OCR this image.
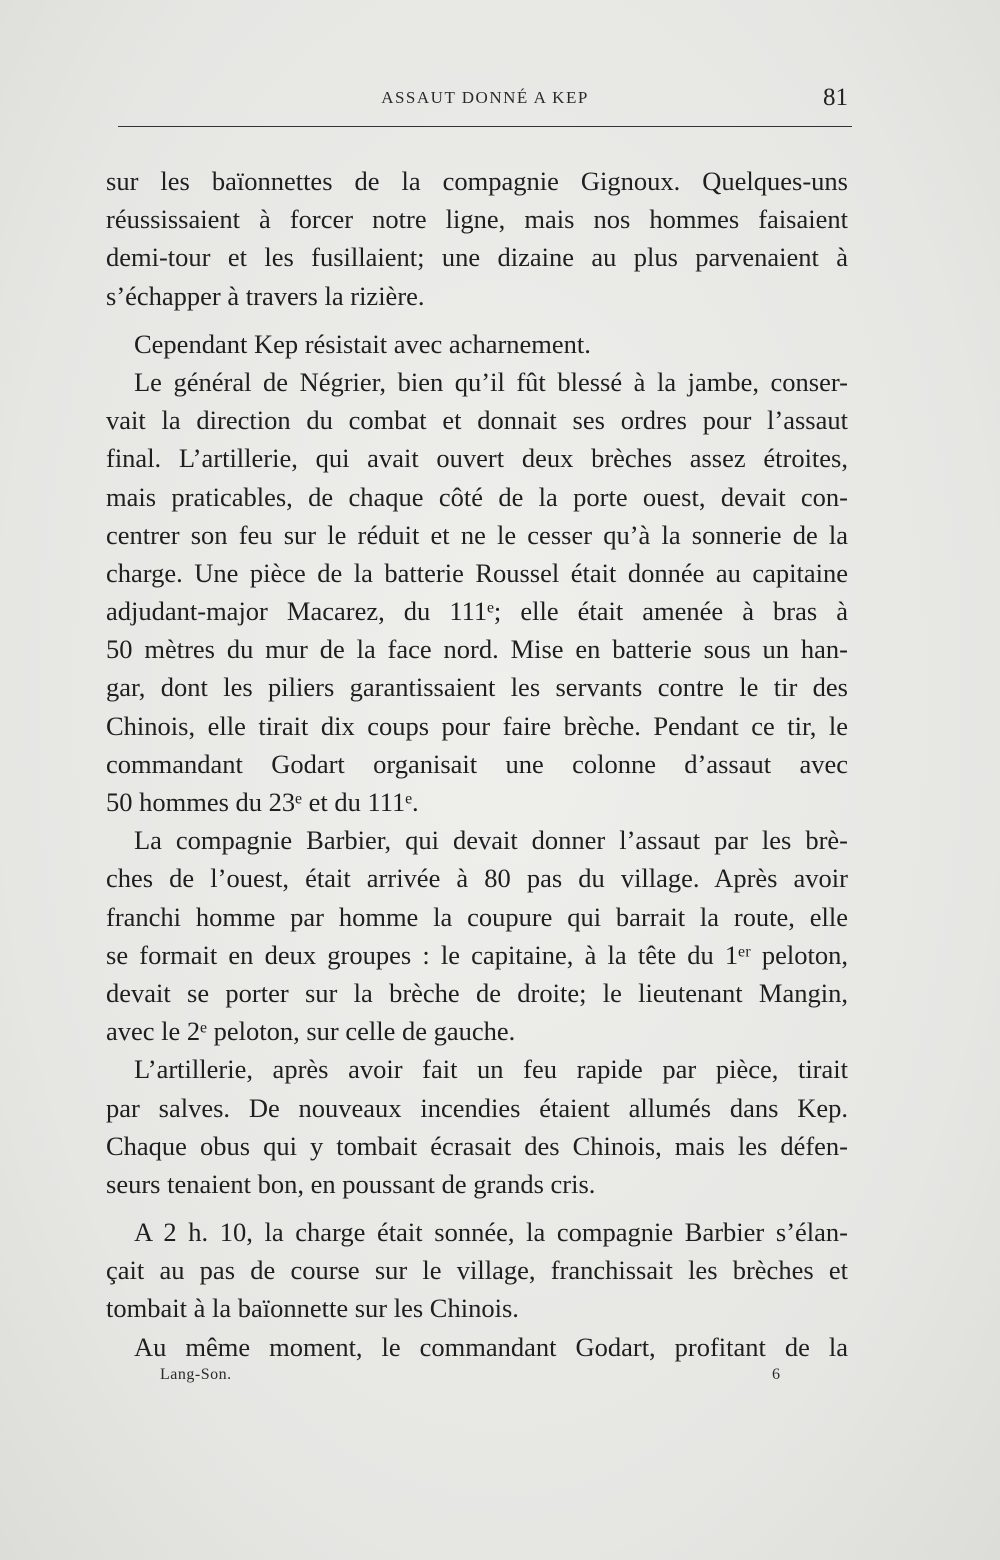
ASSAUT DONNÉ A KEP	81
sur les baïonnettes de la compagnie Gignoux. Quelques-uns
réussissaient à forcer notre ligne, mais nos hommes faisaient
demi-tour et les fusillaient; une dizaine au plus parvenaient à
s’échapper à travers la rizière.
Cependant Kep résistait avec acharnement.
Le général de Négrier, bien qu’il fût blessé à la jambe, conser-
vait la direction du combat et donnait ses ordres pour l’assaut
final. L’artillerie, qui avait ouvert deux brèches assez étroites,
mais praticables, de chaque côté de la porte ouest, devait con-
centrer son feu sur le réduit et ne le cesser qu’à la sonnerie de la
charge. Une pièce de la batterie Roussel était donnée au capitaine
adjudant-major Macarez, du 111ᵉ; elle était amenée à bras à
50 mètres du mur de la face nord. Mise en batterie sous un han-
gar, dont les piliers garantissaient les servants contre le tir des
Chinois, elle tirait dix coups pour faire brèche. Pendant ce tir, le
commandant Godart organisait une colonne d’assaut avec
50 hommes du 23ᵉ et du 111ᵉ.
La compagnie Barbier, qui devait donner l’assaut par les brè-
ches de l’ouest, était arrivée à 80 pas du village. Après avoir
franchi homme par homme la coupure qui barrait la route, elle
se formait en deux groupes : le capitaine, à la tête du 1ᵉʳ peloton,
devait se porter sur la brèche de droite; le lieutenant Mangin,
avec le 2ᵉ peloton, sur celle de gauche.
L’artillerie, après avoir fait un feu rapide par pièce, tirait
par salves. De nouveaux incendies étaient allumés dans Kep.
Chaque obus qui y tombait écrasait des Chinois, mais les défen-
seurs tenaient bon, en poussant de grands cris.
A 2 h. 10, la charge était sonnée, la compagnie Barbier s’élan-
çait au pas de course sur le village, franchissait les brèches et
tombait à la baïonnette sur les Chinois.
Au même moment, le commandant Godart, profitant de la
Lang-Son.	6
